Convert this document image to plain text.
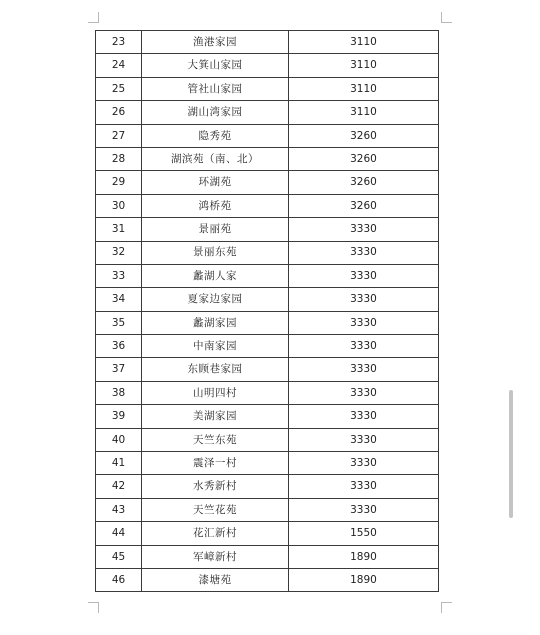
23	渔港家园	3110
24	大箕山家园	3110
25	管社山家园	3110
26	湖山湾家园	3110
27	隐秀苑	3260
28	湖滨苑（南、北）	3260
29	环湖苑	3260
30	鸿桥苑	3260
31	景丽苑	3330
32	景丽东苑	3330
33	蠡湖人家	3330
34	夏家边家园	3330
35	蠡湖家园	3330
36	中南家园	3330
37	东顾巷家园	3330
38	山明四村	3330
39	美湖家园	3330
40	天竺东苑	3330
41	震泽一村	3330
42	水秀新村	3330
43	天竺花苑	3330
44	花汇新村	1550
45	军嶂新村	1890
46	漆塘苑	1890
